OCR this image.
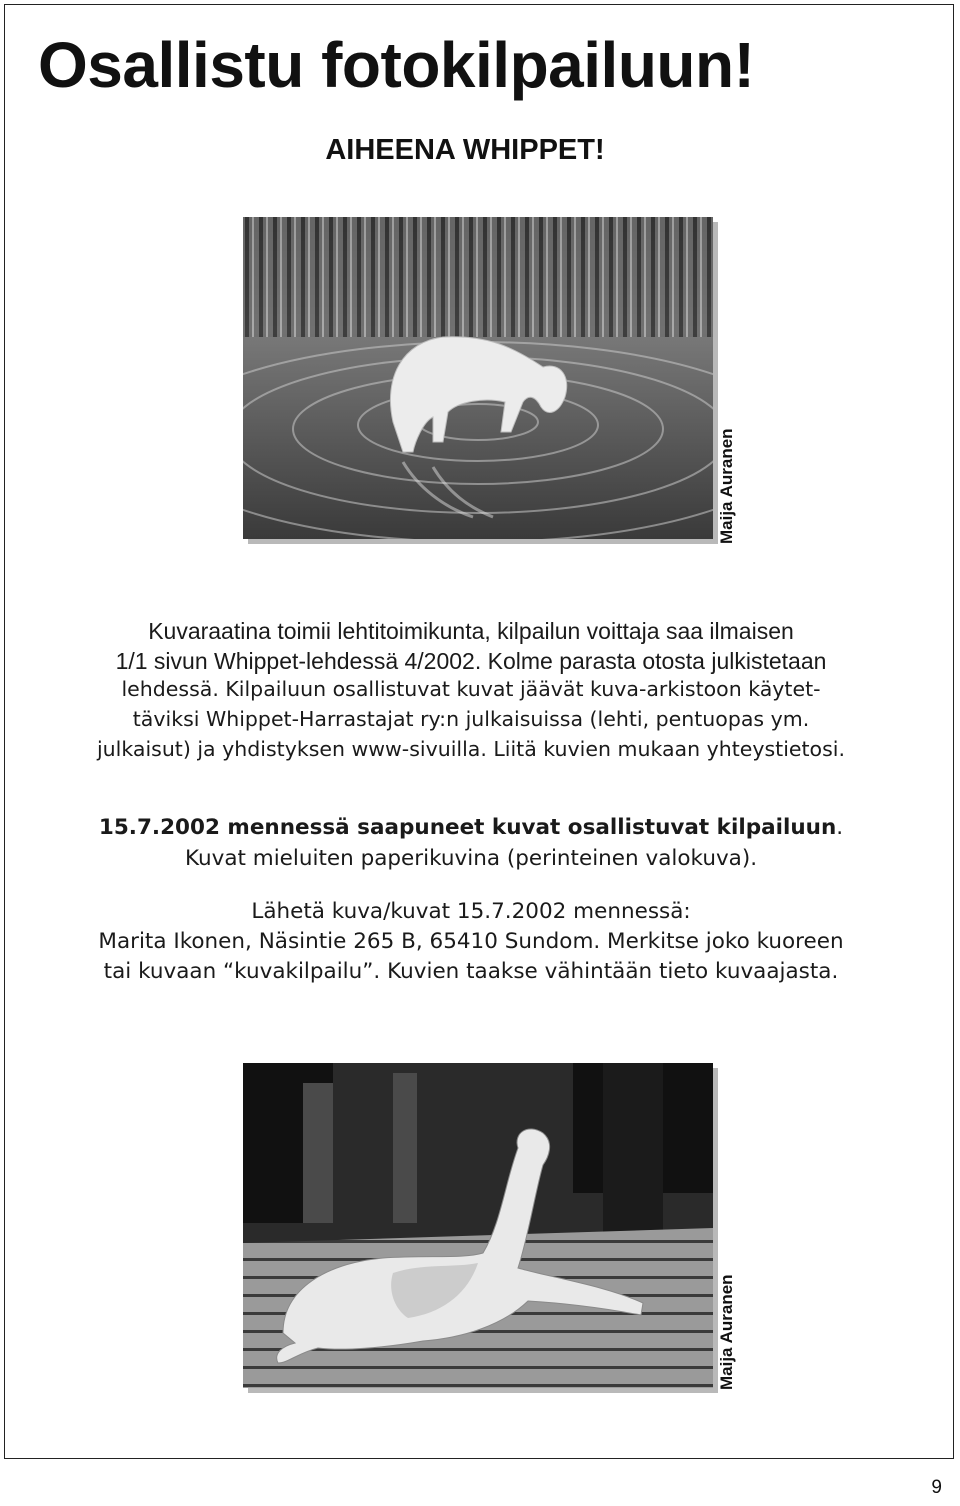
Osallistu fotokilpailuun!
AIHEENA WHIPPET!
Maija Auranen

Kuvaraatina toimii lehtitoimikunta, kilpailun voittaja saa ilmaisen
1/1 sivun Whippet-lehdessä 4/2002. Kolme parasta otosta julkistetaan

lehdessä. Kilpailuun osallistuvat kuvat jäävät kuva-arkistoon käytet-
täviksi Whippet-Harrastajat ry:n julkaisuissa (lehti, pentuopas ym.
julkaisut) ja yhdistyksen www-sivuilla. Liitä kuvien mukaan yhteystietosi.

15.7.2002 mennessä saapuneet kuvat osallistuvat kilpailuun.
Kuvat mieluiten paperikuvina (perinteinen valokuva).

Lähetä kuva/kuvat 15.7.2002 mennessä:
Marita Ikonen, Näsintie 265 B, 65410 Sundom. Merkitse joko kuoreen
tai kuvaan “kuvakilpailu”. Kuvien taakse vähintään tieto kuvaajasta.

Maija Auranen
9
